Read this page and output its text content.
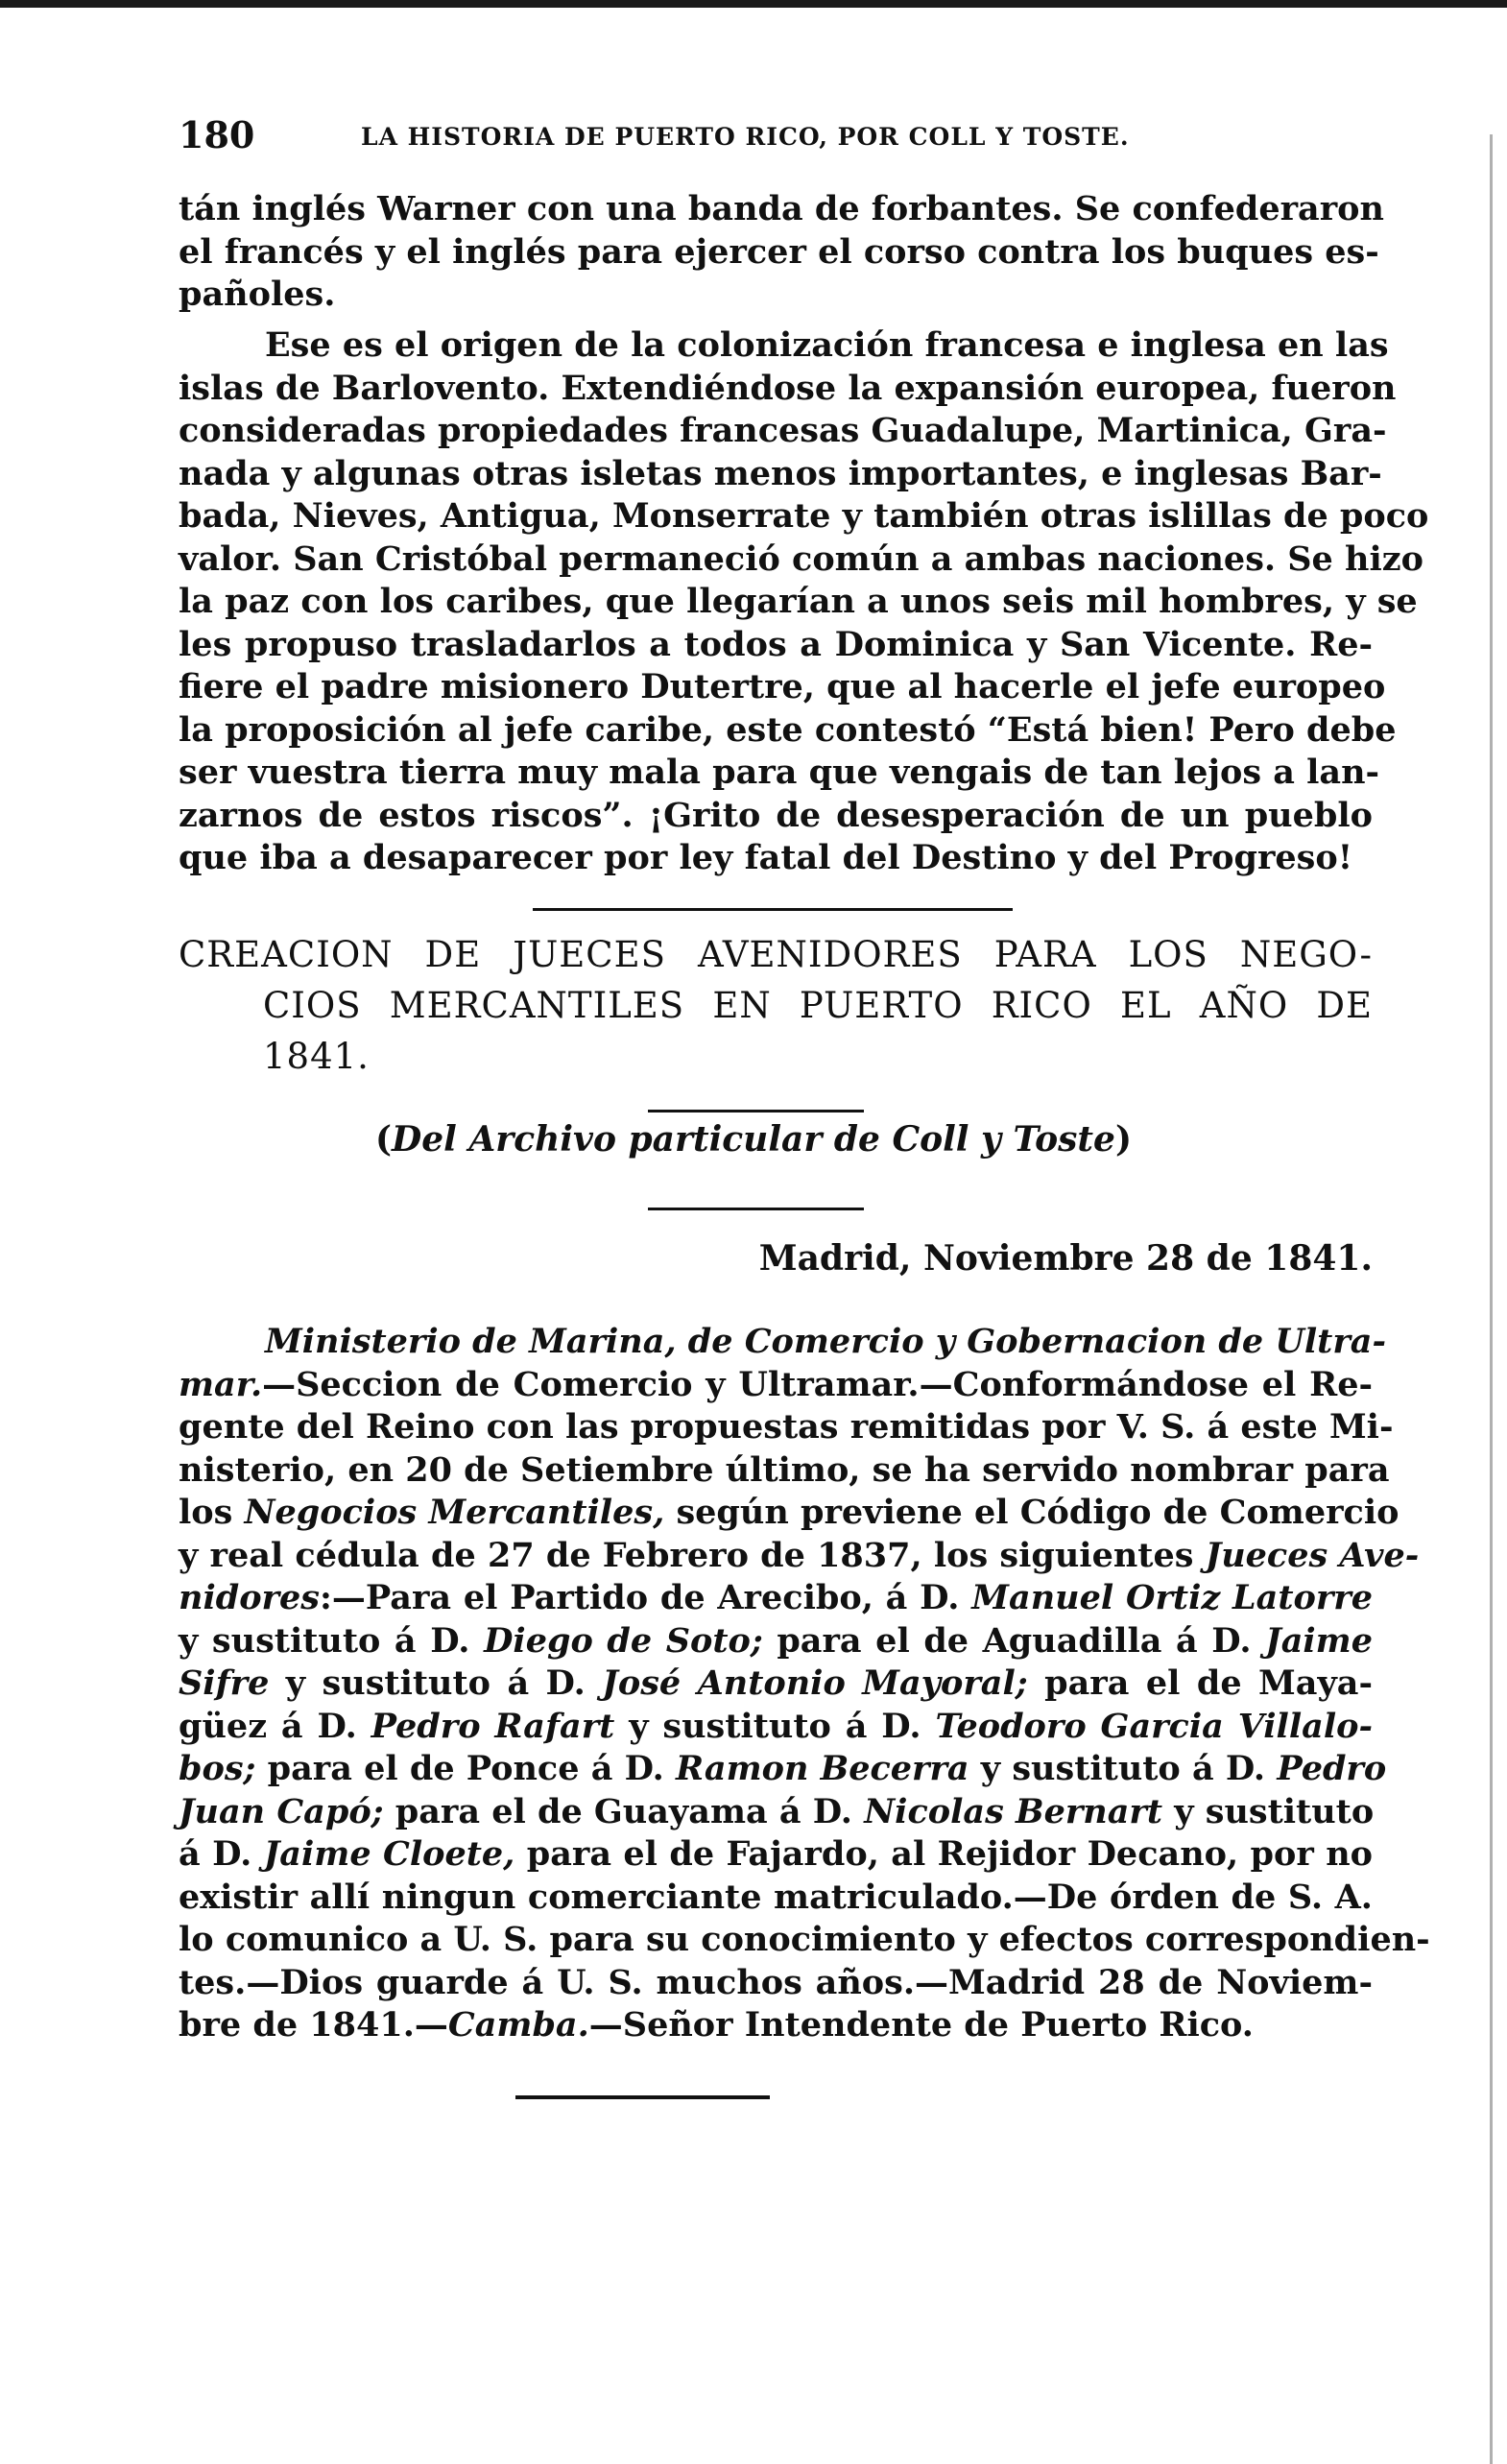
180	LA HISTORIA DE PUERTO RICO, POR COLL Y TOSTE.
tán inglés Warner con una banda de forbantes. Se confederaron
el francés y el inglés para ejercer el corso contra los buques es-
pañoles.
Ese es el origen de la colonización francesa e inglesa en las
islas de Barlovento. Extendiéndose la expansión europea, fueron
consideradas propiedades francesas Guadalupe, Martinica, Gra-
nada y algunas otras isletas menos importantes, e inglesas Bar-
bada, Nieves, Antigua, Monserrate y también otras islillas de poco
valor. San Cristóbal permaneció común a ambas naciones. Se hizo
la paz con los caribes, que llegarían a unos seis mil hombres, y se
les propuso trasladarlos a todos a Dominica y San Vicente. Re-
fiere el padre misionero Dutertre, que al hacerle el jefe europeo
la proposición al jefe caribe, este contestó “Está bien! Pero debe
ser vuestra tierra muy mala para que vengais de tan lejos a lan-
zarnos de estos riscos”. ¡Grito de desesperación de un pueblo
que iba a desaparecer por ley fatal del Destino y del Progreso!
CREACION DE JUECES AVENIDORES PARA LOS NEGO-
CIOS MERCANTILES EN PUERTO RICO EL AÑO DE
1841.
(Del Archivo particular de Coll y Toste)
Madrid, Noviembre 28 de 1841.
Ministerio de Marina, de Comercio y Gobernacion de Ultra-
mar.—Seccion de Comercio y Ultramar.—Conformándose el Re-
gente del Reino con las propuestas remitidas por V. S. á este Mi-
nisterio, en 20 de Setiembre último, se ha servido nombrar para
los Negocios Mercantiles, según previene el Código de Comercio
y real cédula de 27 de Febrero de 1837, los siguientes Jueces Ave-
nidores:—Para el Partido de Arecibo, á D. Manuel Ortiz Latorre
y sustituto á D. Diego de Soto; para el de Aguadilla á D. Jaime
Sifre y sustituto á D. José Antonio Mayoral; para el de Maya-
güez á D. Pedro Rafart y sustituto á D. Teodoro Garcia Villalo-
bos; para el de Ponce á D. Ramon Becerra y sustituto á D. Pedro
Juan Capó; para el de Guayama á D. Nicolas Bernart y sustituto
á D. Jaime Cloete, para el de Fajardo, al Rejidor Decano, por no
existir allí ningun comerciante matriculado.—De órden de S. A.
lo comunico a U. S. para su conocimiento y efectos correspondien-
tes.—Dios guarde á U. S. muchos años.—Madrid 28 de Noviem-
bre de 1841.—Camba.—Señor Intendente de Puerto Rico.
